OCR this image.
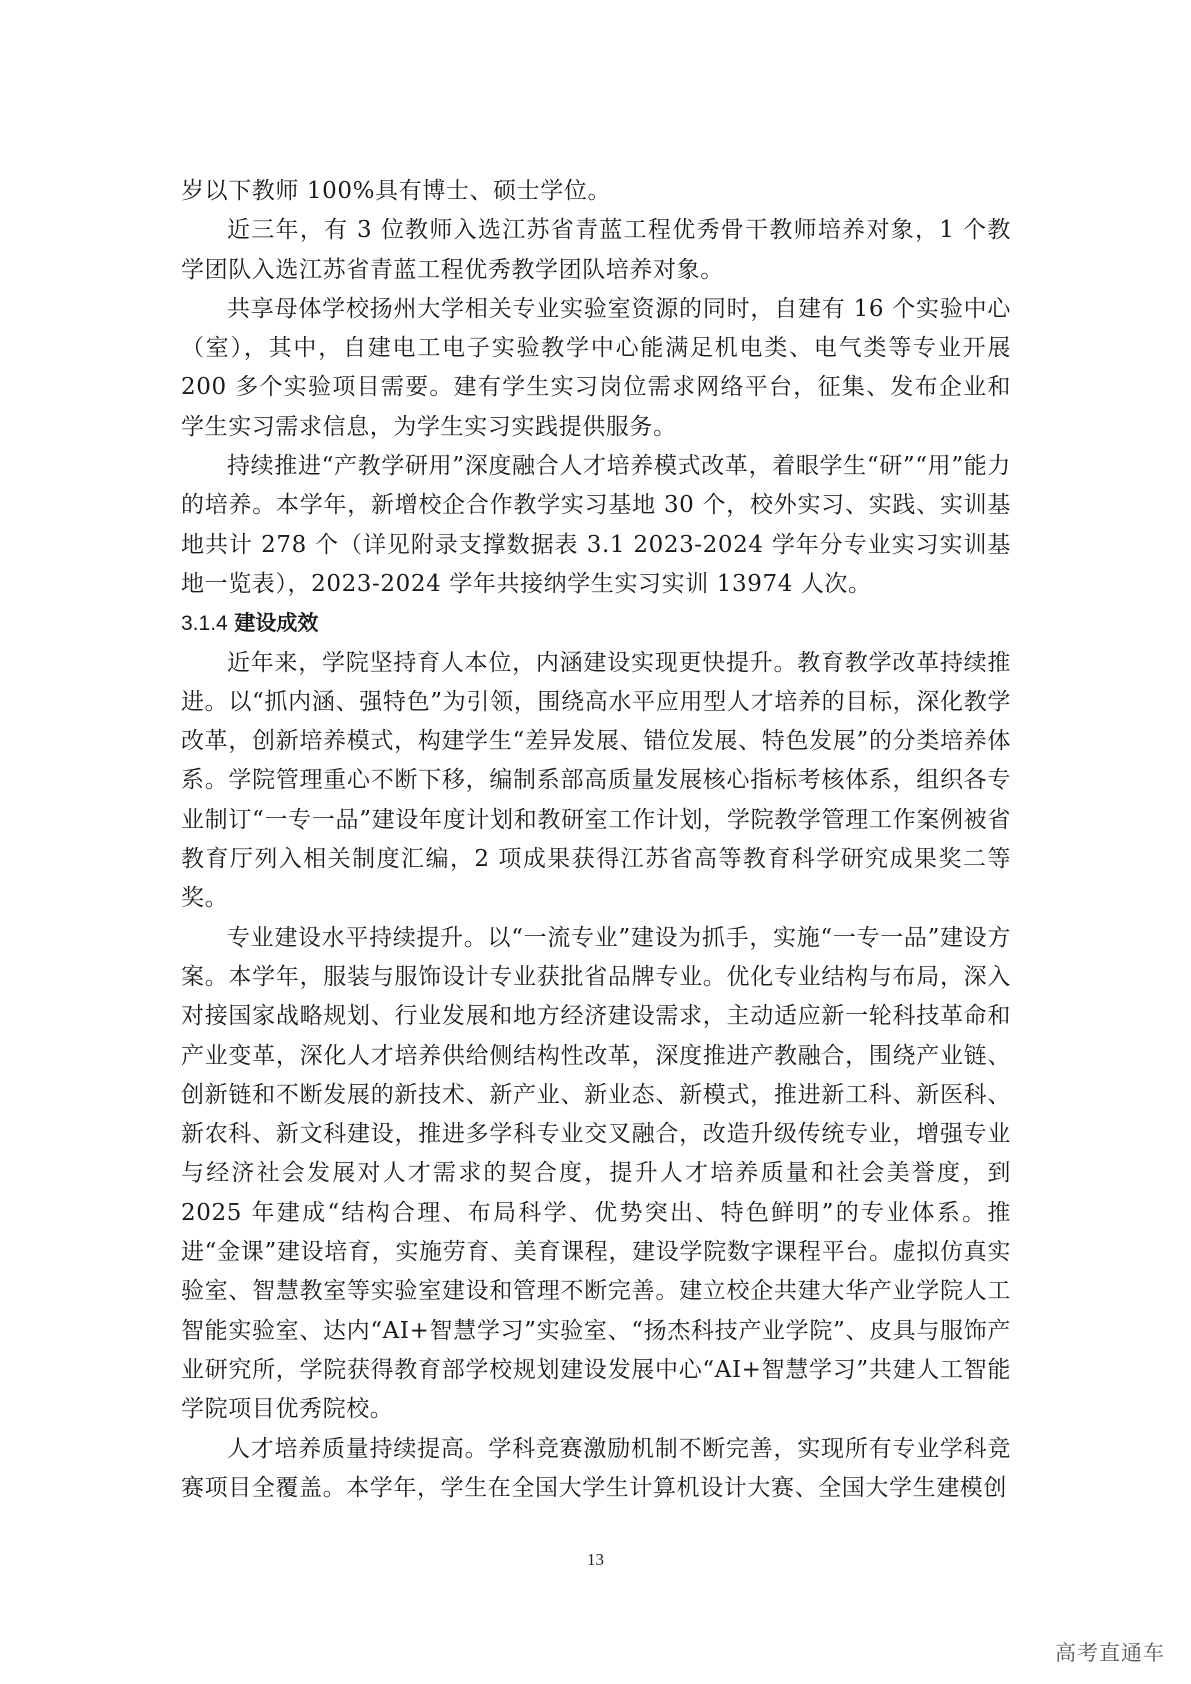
岁以下教师 100%具有博士、硕士学位。

近三年，有 3 位教师入选江苏省青蓝工程优秀骨干教师培养对象，1 个教学团队入选江苏省青蓝工程优秀教学团队培养对象。

共享母体学校扬州大学相关专业实验室资源的同时，自建有 16 个实验中心（室），其中，自建电工电子实验教学中心能满足机电类、电气类等专业开展 200 多个实验项目需要。建有学生实习岗位需求网络平台，征集、发布企业和学生实习需求信息，为学生实习实践提供服务。

持续推进“产教学研用”深度融合人才培养模式改革，着眼学生“研”“用”能力的培养。本学年，新增校企合作教学实习基地 30 个，校外实习、实践、实训基地共计 278 个（详见附录支撑数据表 3.1 2023-2024 学年分专业实习实训基地一览表），2023-2024 学年共接纳学生实习实训 13974 人次。

3.1.4 建设成效

近年来，学院坚持育人本位，内涵建设实现更快提升。教育教学改革持续推进。以“抓内涵、强特色”为引领，围绕高水平应用型人才培养的目标，深化教学改革，创新培养模式，构建学生“差异发展、错位发展、特色发展”的分类培养体系。学院管理重心不断下移，编制系部高质量发展核心指标考核体系，组织各专业制订“一专一品”建设年度计划和教研室工作计划，学院教学管理工作案例被省教育厅列入相关制度汇编，2 项成果获得江苏省高等教育科学研究成果奖二等奖。

专业建设水平持续提升。以“一流专业”建设为抓手，实施“一专一品”建设方案。本学年，服装与服饰设计专业获批省品牌专业。优化专业结构与布局，深入对接国家战略规划、行业发展和地方经济建设需求，主动适应新一轮科技革命和产业变革，深化人才培养供给侧结构性改革，深度推进产教融合，围绕产业链、创新链和不断发展的新技术、新产业、新业态、新模式，推进新工科、新医科、新农科、新文科建设，推进多学科专业交叉融合，改造升级传统专业，增强专业与经济社会发展对人才需求的契合度，提升人才培养质量和社会美誉度，到 2025 年建成“结构合理、布局科学、优势突出、特色鲜明”的专业体系。推进“金课”建设培育，实施劳育、美育课程，建设学院数字课程平台。虚拟仿真实验室、智慧教室等实验室建设和管理不断完善。建立校企共建大华产业学院人工智能实验室、达内“AI+智慧学习”实验室、“扬杰科技产业学院”、皮具与服饰产业研究所，学院获得教育部学校规划建设发展中心“AI+智慧学习”共建人工智能学院项目优秀院校。

人才培养质量持续提高。学科竞赛激励机制不断完善，实现所有专业学科竞赛项目全覆盖。本学年，学生在全国大学生计算机设计大赛、全国大学生建模创

13
高考直通车
